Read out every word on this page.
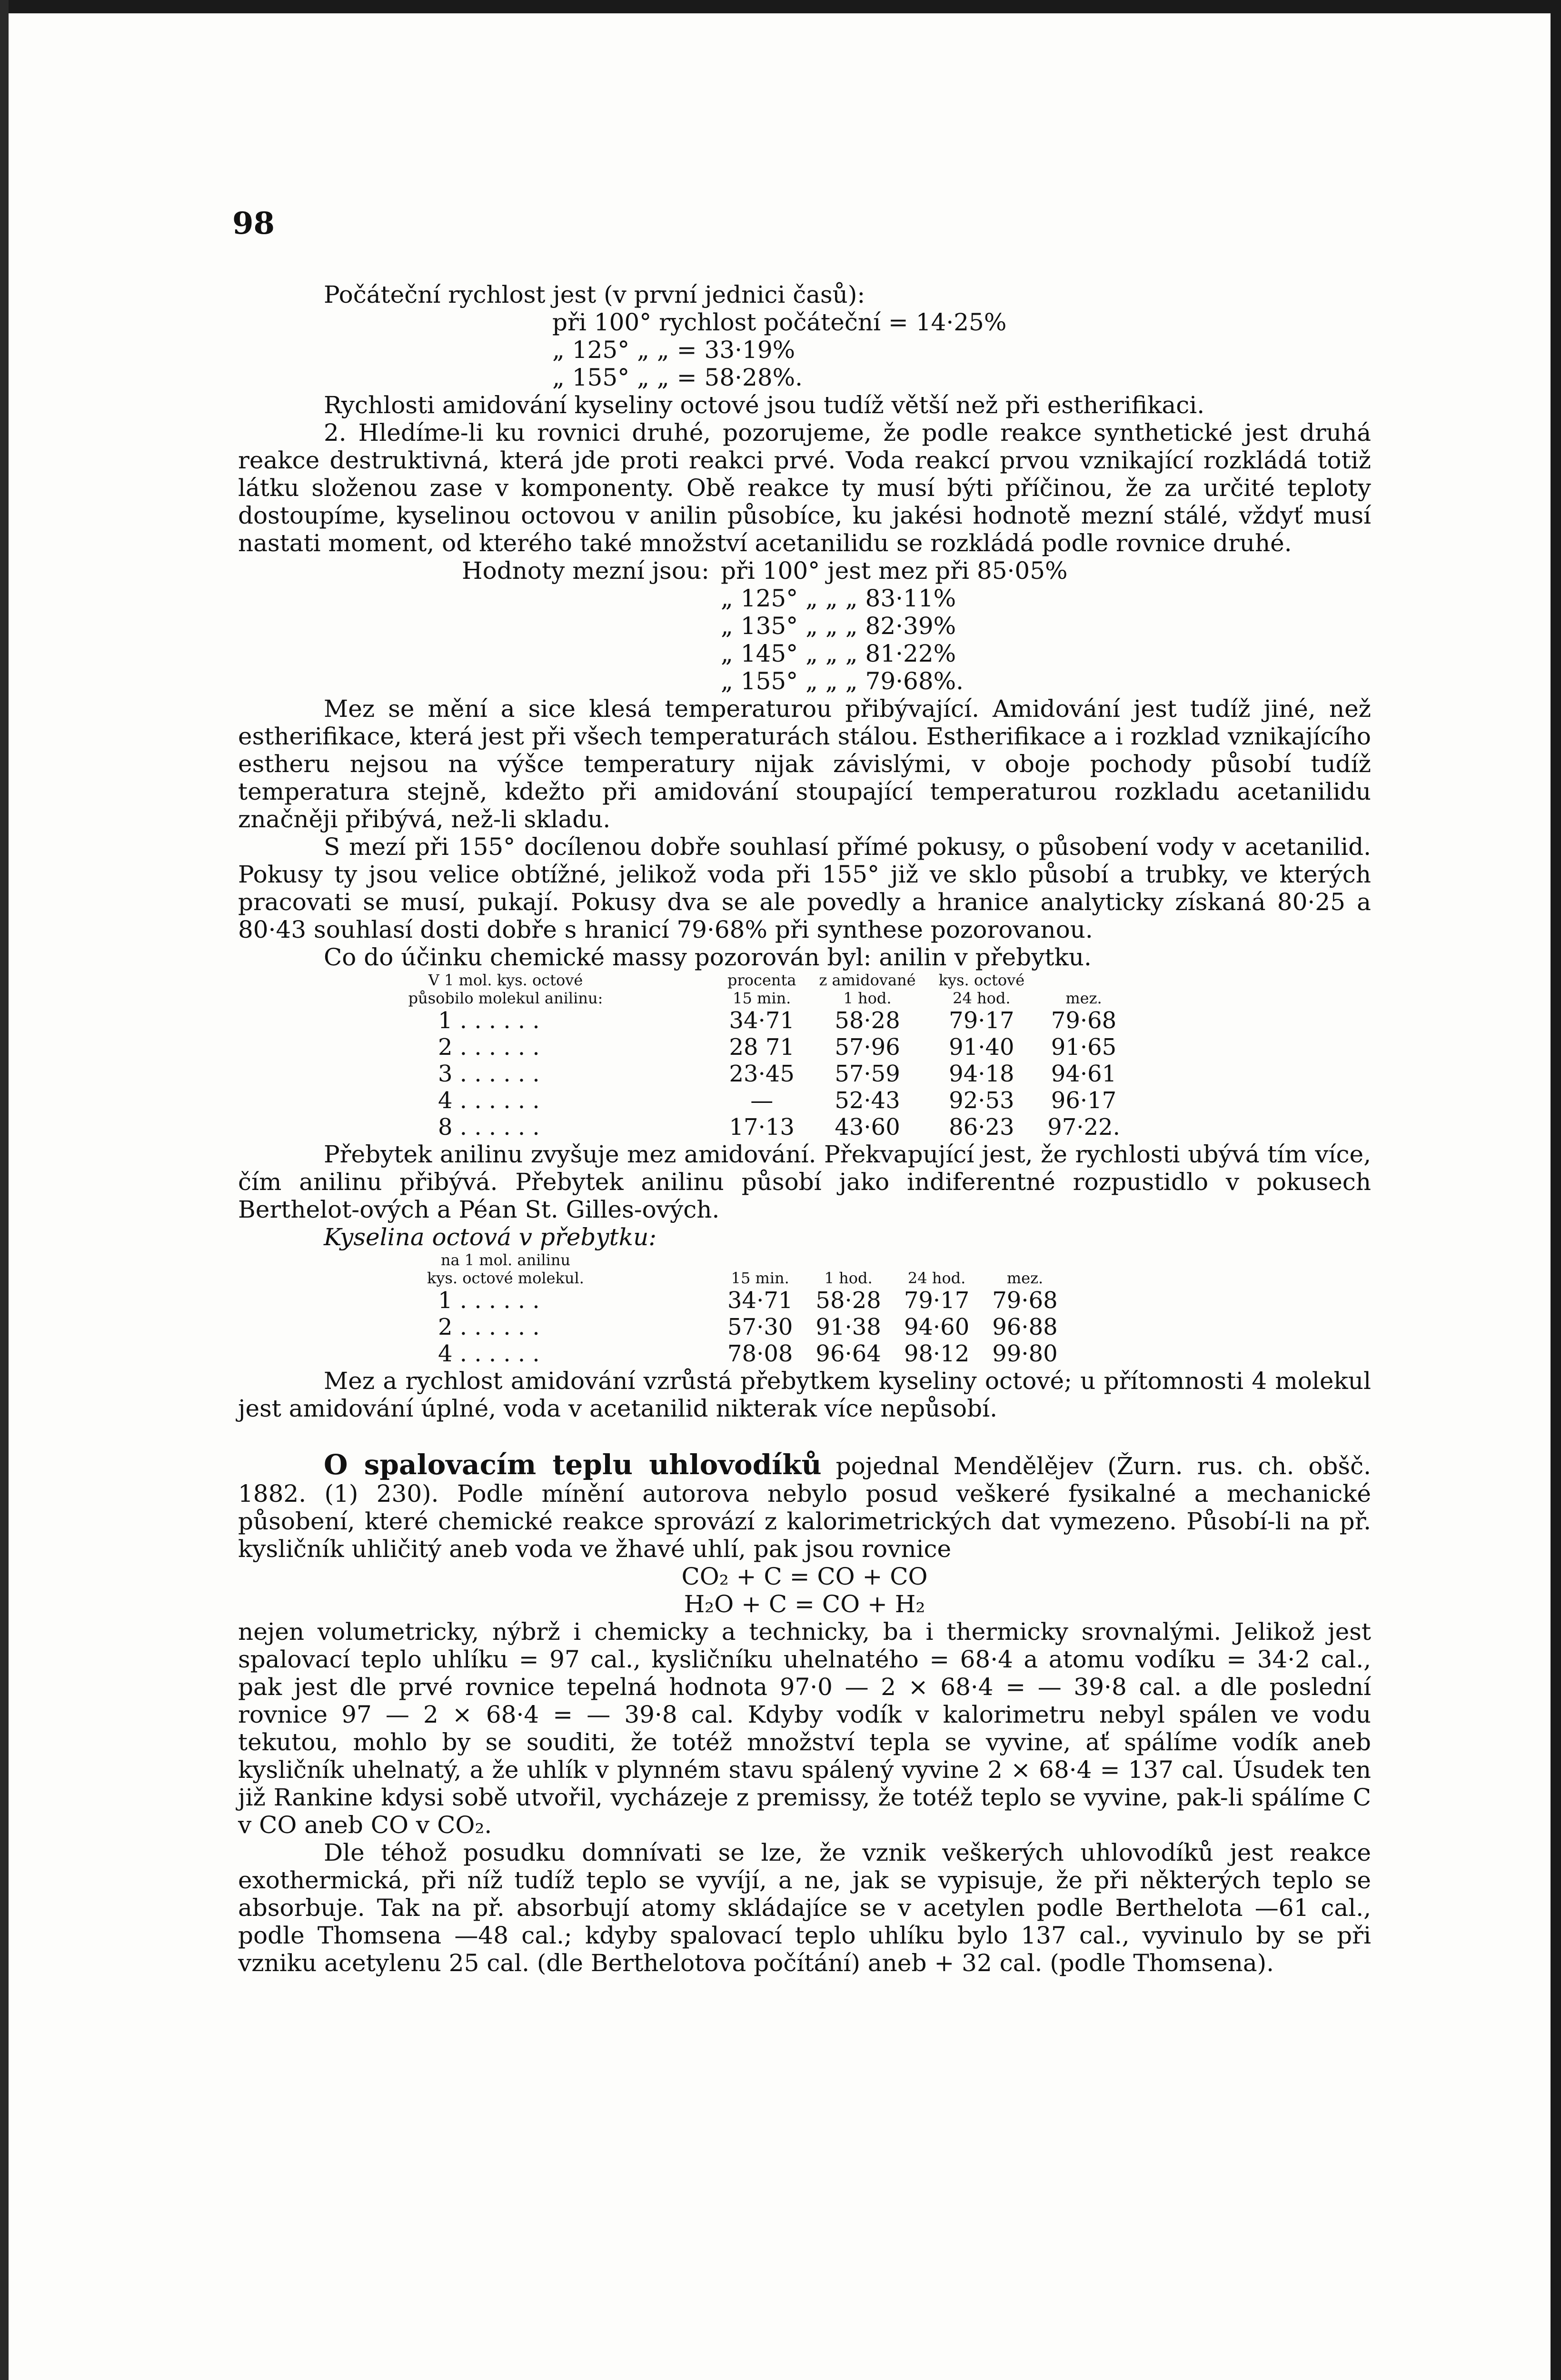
98

Počáteční rychlost jest (v první jednici časů):

při 100° rychlost počáteční = 14·25%
„ 125° „ „ = 33·19%
„ 155° „ „ = 58·28%.

Rychlosti amidování kyseliny octové jsou tudíž větší než při estherifikaci.

2. Hledíme-li ku rovnici druhé, pozorujeme, že podle reakce synthetické jest druhá reakce destruktivná, která jde proti reakci prvé. Voda reakcí prvou vznikající rozkládá totiž látku složenou zase v komponenty. Obě reakce ty musí býti příčinou, že za určité teploty dostoupíme, kyselinou octovou v anilin působíce, ku jakési hodnotě mezní stálé, vždyť musí nastati moment, od kterého také množství acetanilidu se rozkládá podle rovnice druhé.

Hodnoty mezní jsou: při 100° jest mez při 85·05%
„ 125° „ „ „ 83·11%
„ 135° „ „ „ 82·39%
„ 145° „ „ „ 81·22%
„ 155° „ „ „ 79·68%.

Mez se mění a sice klesá temperaturou přibývající. Amidování jest tudíž jiné, než estherifikace, která jest při všech temperaturách stálou. Estherifikace a i rozklad vznikajícího estheru nejsou na výšce temperatury nijak závislými, v oboje pochody působí tudíž temperatura stejně, kdežto při amidování stoupající temperaturou rozkladu acetanilidu značněji přibývá, než-li skladu.

S mezí při 155° docílenou dobře souhlasí přímé pokusy, o působení vody v acetanilid. Pokusy ty jsou velice obtížné, jelikož voda při 155° již ve sklo působí a trubky, ve kterých pracovati se musí, pukají. Pokusy dva se ale povedly a hranice analyticky získaná 80·25 a 80·43 souhlasí dosti dobře s hranicí 79·68% při synthese pozorovanou.

Co do účinku chemické massy pozorován byl: anilin v přebytku.

V 1 mol. kys. octové	procenta	z amidované	kys. octové	
působilo molekul anilinu:	15 min.	1 hod.	24 hod.	mez.
1 . . . . . .	34·71	58·28	79·17	79·68
2 . . . . . .	28 71	57·96	91·40	91·65
3 . . . . . .	23·45	57·59	94·18	94·61
4 . . . . . .	—	52·43	92·53	96·17
8 . . . . . .	17·13	43·60	86·23	97·22.

Přebytek anilinu zvyšuje mez amidování. Překvapující jest, že rychlosti ubývá tím více, čím anilinu přibývá. Přebytek anilinu působí jako indiferentné rozpustidlo v pokusech Berthelot-ových a Péan St. Gilles-ových.

Kyselina octová v přebytku:

na 1 mol. anilinu				
kys. octové molekul.	15 min.	1 hod.	24 hod.	mez.
1 . . . . . .	34·71	58·28	79·17	79·68
2 . . . . . .	57·30	91·38	94·60	96·88
4 . . . . . .	78·08	96·64	98·12	99·80

Mez a rychlost amidování vzrůstá přebytkem kyseliny octové; u přítomnosti 4 molekul jest amidování úplné, voda v acetanilid nikterak více nepůsobí.

O spalovacím teplu uhlovodíků pojednal Mendělějev (Žurn. rus. ch. obšč. 1882. (1) 230). Podle mínění autorova nebylo posud veškeré fysikalné a mechanické působení, které chemické reakce sprovází z kalorimetrických dat vymezeno. Působí-li na př. kysličník uhličitý aneb voda ve žhavé uhlí, pak jsou rovnice

CO₂ + C = CO + CO
H₂O + C = CO + H₂

nejen volumetricky, nýbrž i chemicky a technicky, ba i thermicky srovnalými. Jelikož jest spalovací teplo uhlíku = 97 cal., kysličníku uhelnatého = 68·4 a atomu vodíku = 34·2 cal., pak jest dle prvé rovnice tepelná hodnota 97·0 — 2 × 68·4 = — 39·8 cal. a dle poslední rovnice 97 — 2 × 68·4 = — 39·8 cal. Kdyby vodík v kalorimetru nebyl spálen ve vodu tekutou, mohlo by se souditi, že totéž množství tepla se vyvine, ať spálíme vodík aneb kysličník uhelnatý, a že uhlík v plynném stavu spálený vyvine 2 × 68·4 = 137 cal. Úsudek ten již Rankine kdysi sobě utvořil, vycházeje z premissy, že totéž teplo se vyvine, pak-li spálíme C v CO aneb CO v CO₂.

Dle téhož posudku domnívati se lze, že vznik veškerých uhlovodíků jest reakce exothermická, při níž tudíž teplo se vyvíjí, a ne, jak se vypisuje, že při některých teplo se absorbuje. Tak na př. absorbují atomy skládajíce se v acetylen podle Berthelota —61 cal., podle Thomsena —48 cal.; kdyby spalovací teplo uhlíku bylo 137 cal., vyvinulo by se při vzniku acetylenu 25 cal. (dle Berthelotova počítání) aneb + 32 cal. (podle Thomsena).
